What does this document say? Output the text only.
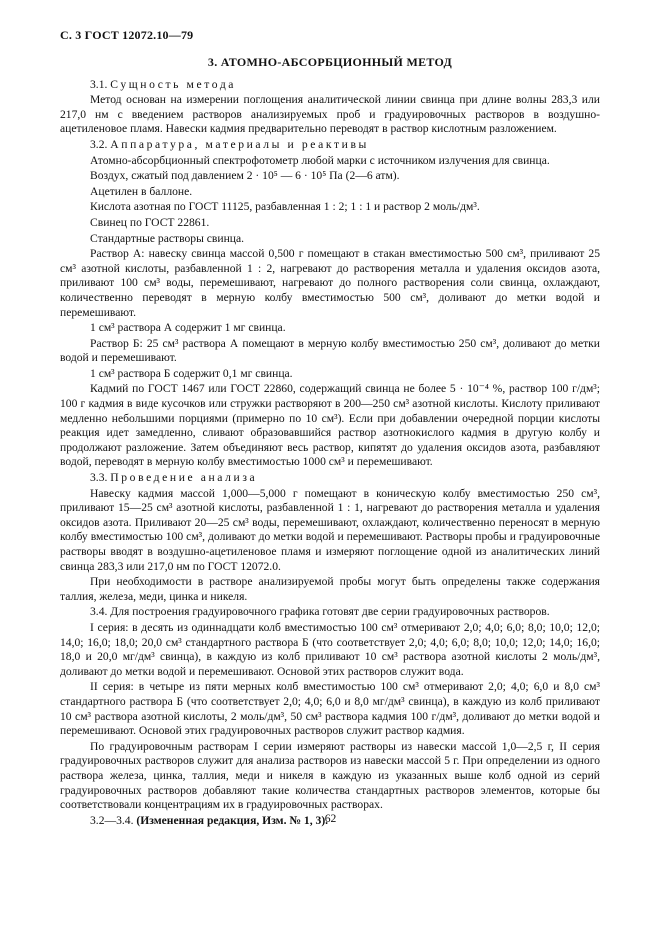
С. 3 ГОСТ 12072.10—79
3. АТОМНО-АБСОРБЦИОННЫЙ МЕТОД
3.1. Сущность метода
Метод основан на измерении поглощения аналитической линии свинца при длине волны 283,3 или 217,0 нм с введением растворов анализируемых проб и градуировочных растворов в воздушно-ацетиленовое пламя. Навески кадмия предварительно переводят в раствор кислотным разложением.
3.2. Аппаратура, материалы и реактивы
Атомно-абсорбционный спектрофотометр любой марки с источником излучения для свинца.
Воздух, сжатый под давлением 2 · 10⁵ — 6 · 10⁵ Па (2—6 атм).
Ацетилен в баллоне.
Кислота азотная по ГОСТ 11125, разбавленная 1 : 2; 1 : 1 и раствор 2 моль/дм³.
Свинец по ГОСТ 22861.
Стандартные растворы свинца.
Раствор А: навеску свинца массой 0,500 г помещают в стакан вместимостью 500 см³, приливают 25 см³ азотной кислоты, разбавленной 1 : 2, нагревают до растворения металла и удаления оксидов азота, приливают 100 см³ воды, перемешивают, нагревают до полного растворения соли свинца, охлаждают, количественно переводят в мерную колбу вместимостью 500 см³, доливают до метки водой и перемешивают.
1 см³ раствора А содержит 1 мг свинца.
Раствор Б: 25 см³ раствора А помещают в мерную колбу вместимостью 250 см³, доливают до метки водой и перемешивают.
1 см³ раствора Б содержит 0,1 мг свинца.
Кадмий по ГОСТ 1467 или ГОСТ 22860, содержащий свинца не более 5 · 10⁻⁴ %, раствор 100 г/дм³; 100 г кадмия в виде кусочков или стружки растворяют в 200—250 см³ азотной кислоты. Кислоту приливают медленно небольшими порциями (примерно по 10 см³). Если при добавлении очередной порции кислоты реакция идет замедленно, сливают образовавшийся раствор азотнокислого кадмия в другую колбу и продолжают разложение. Затем объединяют весь раствор, кипятят до удаления оксидов азота, разбавляют водой, переводят в мерную колбу вместимостью 1000 см³ и перемешивают.
3.3. Проведение анализа
Навеску кадмия массой 1,000—5,000 г помещают в коническую колбу вместимостью 250 см³, приливают 15—25 см³ азотной кислоты, разбавленной 1 : 1, нагревают до растворения металла и удаления оксидов азота. Приливают 20—25 см³ воды, перемешивают, охлаждают, количественно переносят в мерную колбу вместимостью 100 см³, доливают до метки водой и перемешивают. Растворы пробы и градуировочные растворы вводят в воздушно-ацетиленовое пламя и измеряют поглощение одной из аналитических линий свинца 283,3 или 217,0 нм по ГОСТ 12072.0.
При необходимости в растворе анализируемой пробы могут быть определены также содержания таллия, железа, меди, цинка и никеля.
3.4. Для построения градуировочного графика готовят две серии градуировочных растворов.
I серия: в десять из одиннадцати колб вместимостью 100 см³ отмеривают 2,0; 4,0; 6,0; 8,0; 10,0; 12,0; 14,0; 16,0; 18,0; 20,0 см³ стандартного раствора Б (что соответствует 2,0; 4,0; 6,0; 8,0; 10,0; 12,0; 14,0; 16,0; 18,0 и 20,0 мг/дм³ свинца), в каждую из колб приливают 10 см³ раствора азотной кислоты 2 моль/дм³, доливают до метки водой и перемешивают. Основой этих растворов служит вода.
II серия: в четыре из пяти мерных колб вместимостью 100 см³ отмеривают 2,0; 4,0; 6,0 и 8,0 см³ стандартного раствора Б (что соответствует 2,0; 4,0; 6,0 и 8,0 мг/дм³ свинца), в каждую из колб приливают 10 см³ раствора азотной кислоты, 2 моль/дм³, 50 см³ раствора кадмия 100 г/дм³, доливают до метки водой и перемешивают. Основой этих градуировочных растворов служит раствор кадмия.
По градуировочным растворам I серии измеряют растворы из навески массой 1,0—2,5 г, II серия градуировочных растворов служит для анализа растворов из навески массой 5 г. При определении из одного раствора железа, цинка, таллия, меди и никеля в каждую из указанных выше колб одной из серий градуировочных растворов добавляют такие количества стандартных растворов элементов, которые бы соответствовали концентрациям их в градуировочных растворах.
3.2—3.4. (Измененная редакция, Изм. № 1, 3).
62
